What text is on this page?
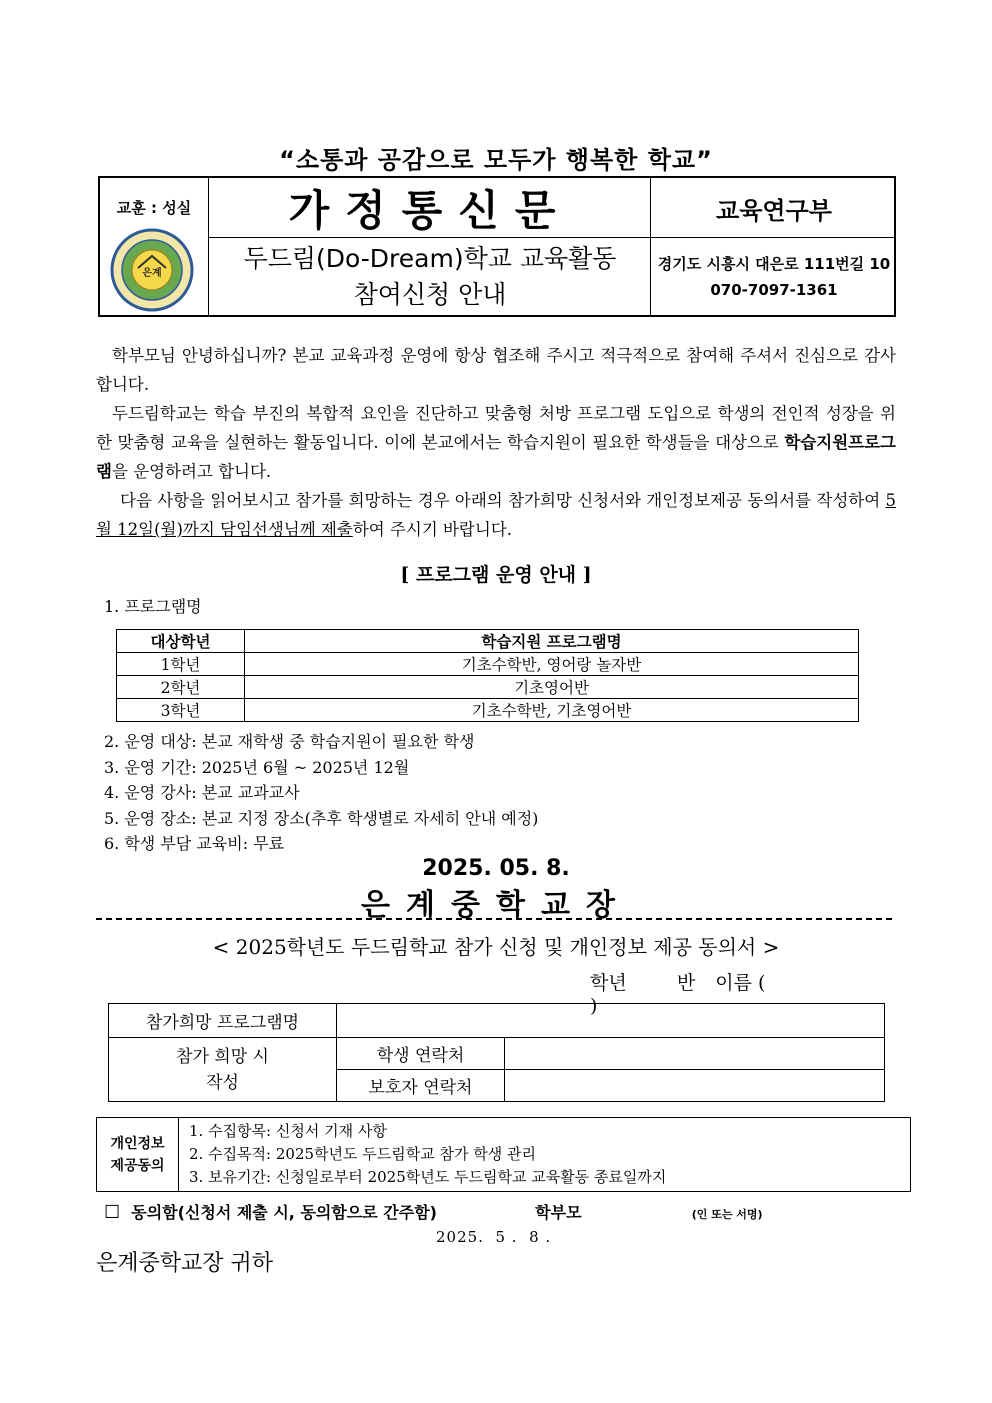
“소통과 공감으로 모두가 행복한 학교”
교훈 : 성실
은계
가정통신문	교육연구부
두드림(Do-Dream)학교 교육활동
참여신청 안내
경기도 시흥시 대은로 111번길 10
070-7097-1361

학부모님 안녕하십니까? 본교 교육과정 운영에 항상 협조해 주시고 적극적으로 참여해 주셔서 진심으로 감사합니다.

두드림학교는 학습 부진의 복합적 요인을 진단하고 맞춤형 처방 프로그램 도입으로 학생의 전인적 성장을 위한 맞춤형 교육을 실현하는 활동입니다. 이에 본교에서는 학습지원이 필요한 학생들을 대상으로 학습지원프로그램을 운영하려고 합니다.

다음 사항을 읽어보시고 참가를 희망하는 경우 아래의 참가희망 신청서와 개인정보제공 동의서를 작성하여 5월 12일(월)까지 담임선생님께 제출하여 주시기 바랍니다.

[ 프로그램 운영 안내 ]
1. 프로그램명
대상학년	학습지원 프로그램명
1학년	기초수학반, 영어랑 놀자반
2학년	기초영어반
3학년	기초수학반, 기초영어반
2. 운영 대상: 본교 재학생 중 학습지원이 필요한 학생
3. 운영 기간: 2025년 6월 ~ 2025년 12월
4. 운영 강사: 본교 교과교사
5. 운영 장소: 본교 지정 장소(추후 학생별로 자세히 안내 예정)
6. 학생 부담 교육비: 무료
2025. 05. 8.
은계중학교장
< 2025학년도 두드림학교 참가 신청 및 개인정보 제공 동의서 >
학년	반 이름 (  )
참가희망 프로그램명		

참가 희망 시
작성	학생 연락처	
	보호자 연락처	
개인정보
제공동의

1. 수집항목: 신청서 기재 사항
2. 수집목적: 2025학년도 두드림학교 참가 학생 관리
3. 보유기간: 신청일로부터 2025학년도 두드림학교 교육활동 종료일까지
☐ 동의함(신청서 제출 시, 동의함으로 간주함)	학부모	(인 또는 서명)
2025.  5 .  8 .
은계중학교장 귀하
